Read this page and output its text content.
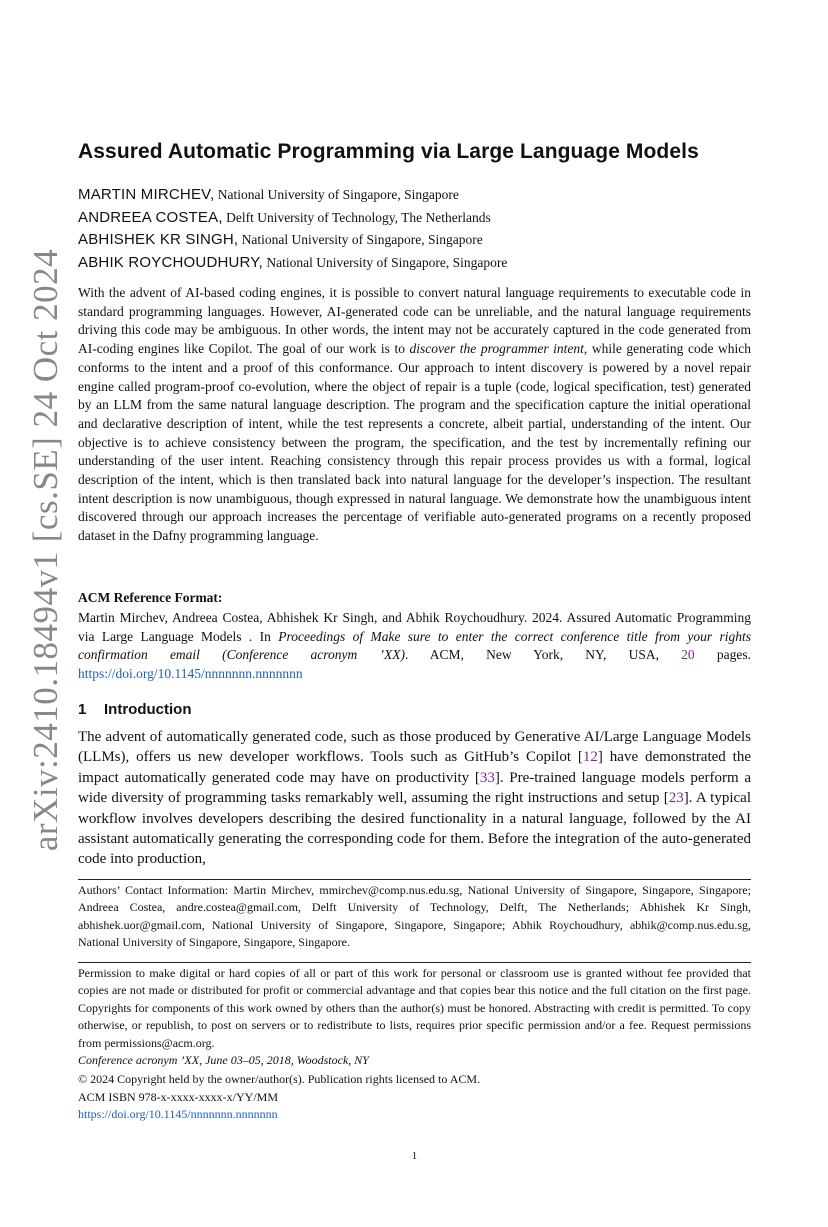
arXiv:2410.18494v1 [cs.SE] 24 Oct 2024
Assured Automatic Programming via Large Language Models
MARTIN MIRCHEV, National University of Singapore, Singapore
ANDREEA COSTEA, Delft University of Technology, The Netherlands
ABHISHEK KR SINGH, National University of Singapore, Singapore
ABHIK ROYCHOUDHURY, National University of Singapore, Singapore

With the advent of AI-based coding engines, it is possible to convert natural language requirements to executable code in standard programming languages. However, AI-generated code can be unreliable, and the natural language requirements driving this code may be ambiguous. In other words, the intent may not be accurately captured in the code generated from AI-coding engines like Copilot. The goal of our work is to discover the programmer intent, while generating code which conforms to the intent and a proof of this conformance. Our approach to intent discovery is powered by a novel repair engine called program-proof co-evolution, where the object of repair is a tuple (code, logical specification, test) generated by an LLM from the same natural language description. The program and the specification capture the initial operational and declarative description of intent, while the test represents a concrete, albeit partial, understanding of the intent. Our objective is to achieve consistency between the program, the specification, and the test by incrementally refining our understanding of the user intent. Reaching consistency through this repair process provides us with a formal, logical description of the intent, which is then translated back into natural language for the developer’s inspection. The resultant intent description is now unambiguous, though expressed in natural language. We demonstrate how the unambiguous intent discovered through our approach increases the percentage of verifiable auto-generated programs on a recently proposed dataset in the Dafny programming language.

ACM Reference Format:

Martin Mirchev, Andreea Costea, Abhishek Kr Singh, and Abhik Roychoudhury. 2024. Assured Automatic Programming via Large Language Models . In Proceedings of Make sure to enter the correct conference title from your rights confirmation email (Conference acronym ’XX). ACM, New York, NY, USA, 20 pages. https://doi.org/10.1145/nnnnnnn.nnnnnnn

1 Introduction

The advent of automatically generated code, such as those produced by Generative AI/Large Language Models (LLMs), offers us new developer workflows. Tools such as GitHub’s Copilot [12] have demonstrated the impact automatically generated code may have on productivity [33]. Pre-trained language models perform a wide diversity of programming tasks remarkably well, assuming the right instructions and setup [23]. A typical workflow involves developers describing the desired functionality in a natural language, followed by the AI assistant automatically generating the corresponding code for them. Before the integration of the auto-generated code into production,

Authors’ Contact Information: Martin Mirchev, mmirchev@comp.nus.edu.sg, National University of Singapore, Singapore, Singapore; Andreea Costea, andre.costea@gmail.com, Delft University of Technology, Delft, The Netherlands; Abhishek Kr Singh, abhishek.uor@gmail.com, National University of Singapore, Singapore, Singapore; Abhik Roychoudhury, abhik@comp.nus.edu.sg, National University of Singapore, Singapore, Singapore.

Permission to make digital or hard copies of all or part of this work for personal or classroom use is granted without fee provided that copies are not made or distributed for profit or commercial advantage and that copies bear this notice and the full citation on the first page. Copyrights for components of this work owned by others than the author(s) must be honored. Abstracting with credit is permitted. To copy otherwise, or republish, to post on servers or to redistribute to lists, requires prior specific permission and/or a fee. Request permissions from permissions@acm.org.

Conference acronym ’XX, June 03–05, 2018, Woodstock, NY

© 2024 Copyright held by the owner/author(s). Publication rights licensed to ACM.

ACM ISBN 978-x-xxxx-xxxx-x/YY/MM

https://doi.org/10.1145/nnnnnnn.nnnnnnn

1
